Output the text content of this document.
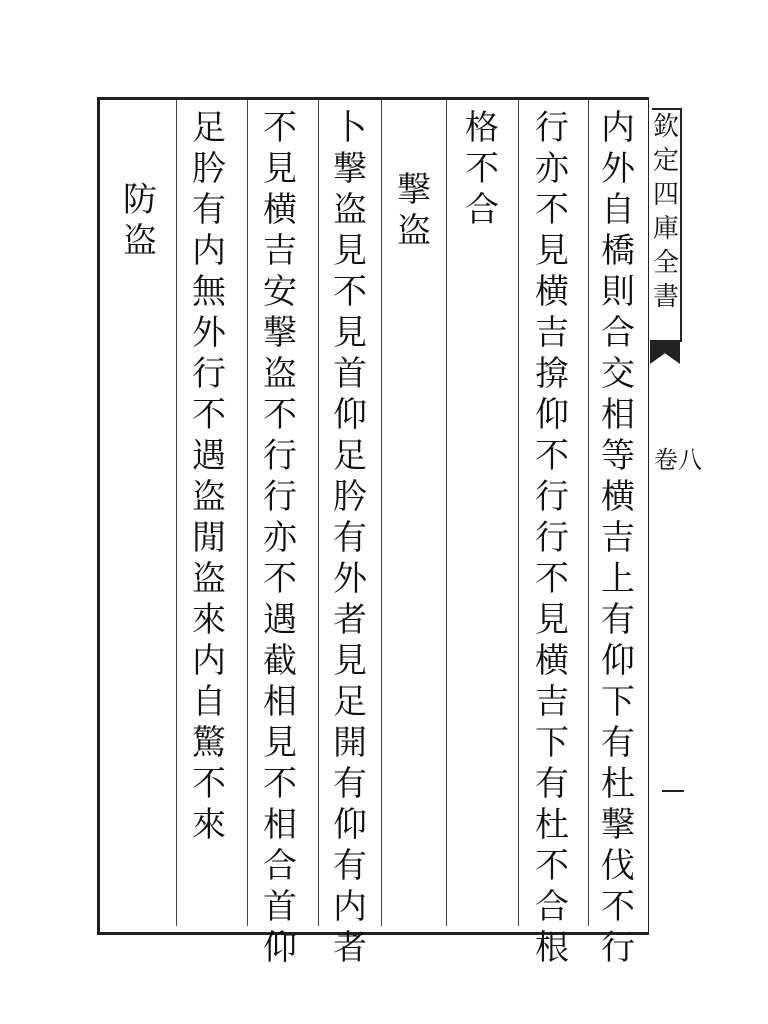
内
外
自
橋
則
合
交
相
等
横
吉
上
有
仰
下
有
杜
撃
伐
不
行
行
亦
不
見
横
吉
揜
仰
不
行
行
不
見
横
吉
下
有
杜
不
合
根
格
不
合
撃
盗
卜
撃
盗
見
不
見
首
仰
足
肣
有
外
者
見
足
開
有
仰
有
内
者
不
見
横
吉
安
撃
盗
不
行
行
亦
不
遇
截
相
見
不
相
合
首
仰
足
肣
有
内
無
外
行
不
遇
盗
閒
盗
來
内
自
驚
不
來
防
盗
欽
定
四
庫
全
書
卷八
